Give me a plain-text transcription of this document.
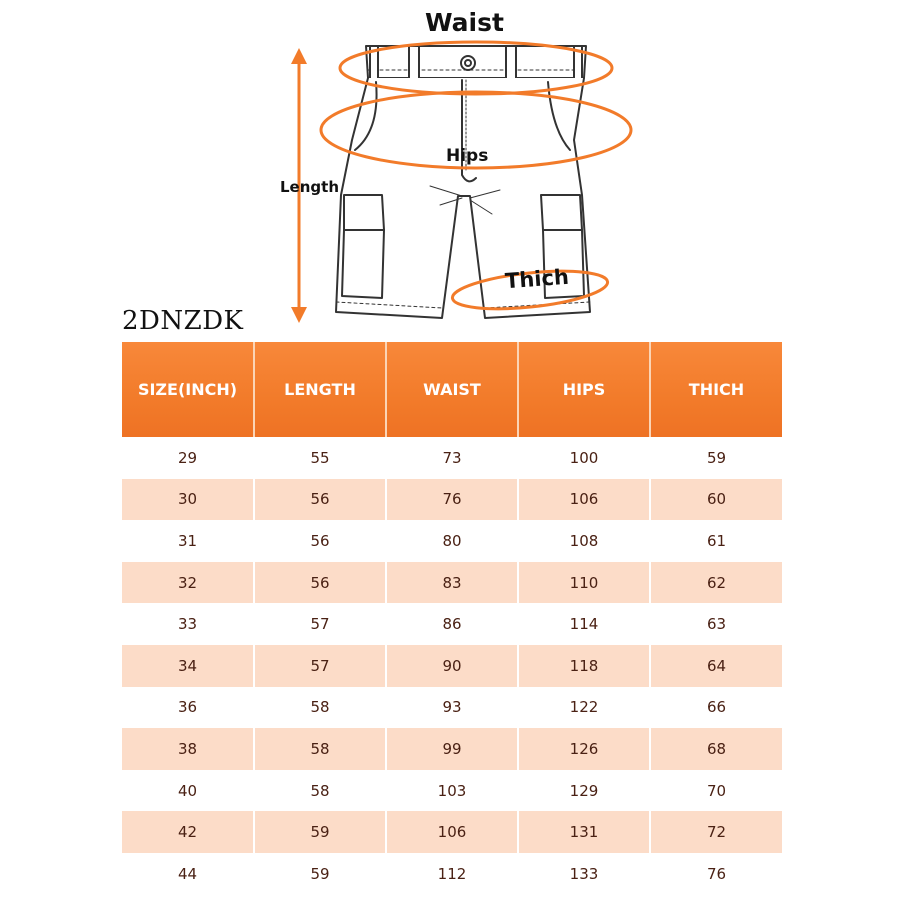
Waist
Length
Hips
Thich
2DNZDK
SIZE(INCH)	LENGTH	WAIST	HIPS	THICH
29	55	73	100	59
30	56	76	106	60
31	56	80	108	61
32	56	83	110	62
33	57	86	114	63
34	57	90	118	64
36	58	93	122	66
38	58	99	126	68
40	58	103	129	70
42	59	106	131	72
44	59	112	133	76
